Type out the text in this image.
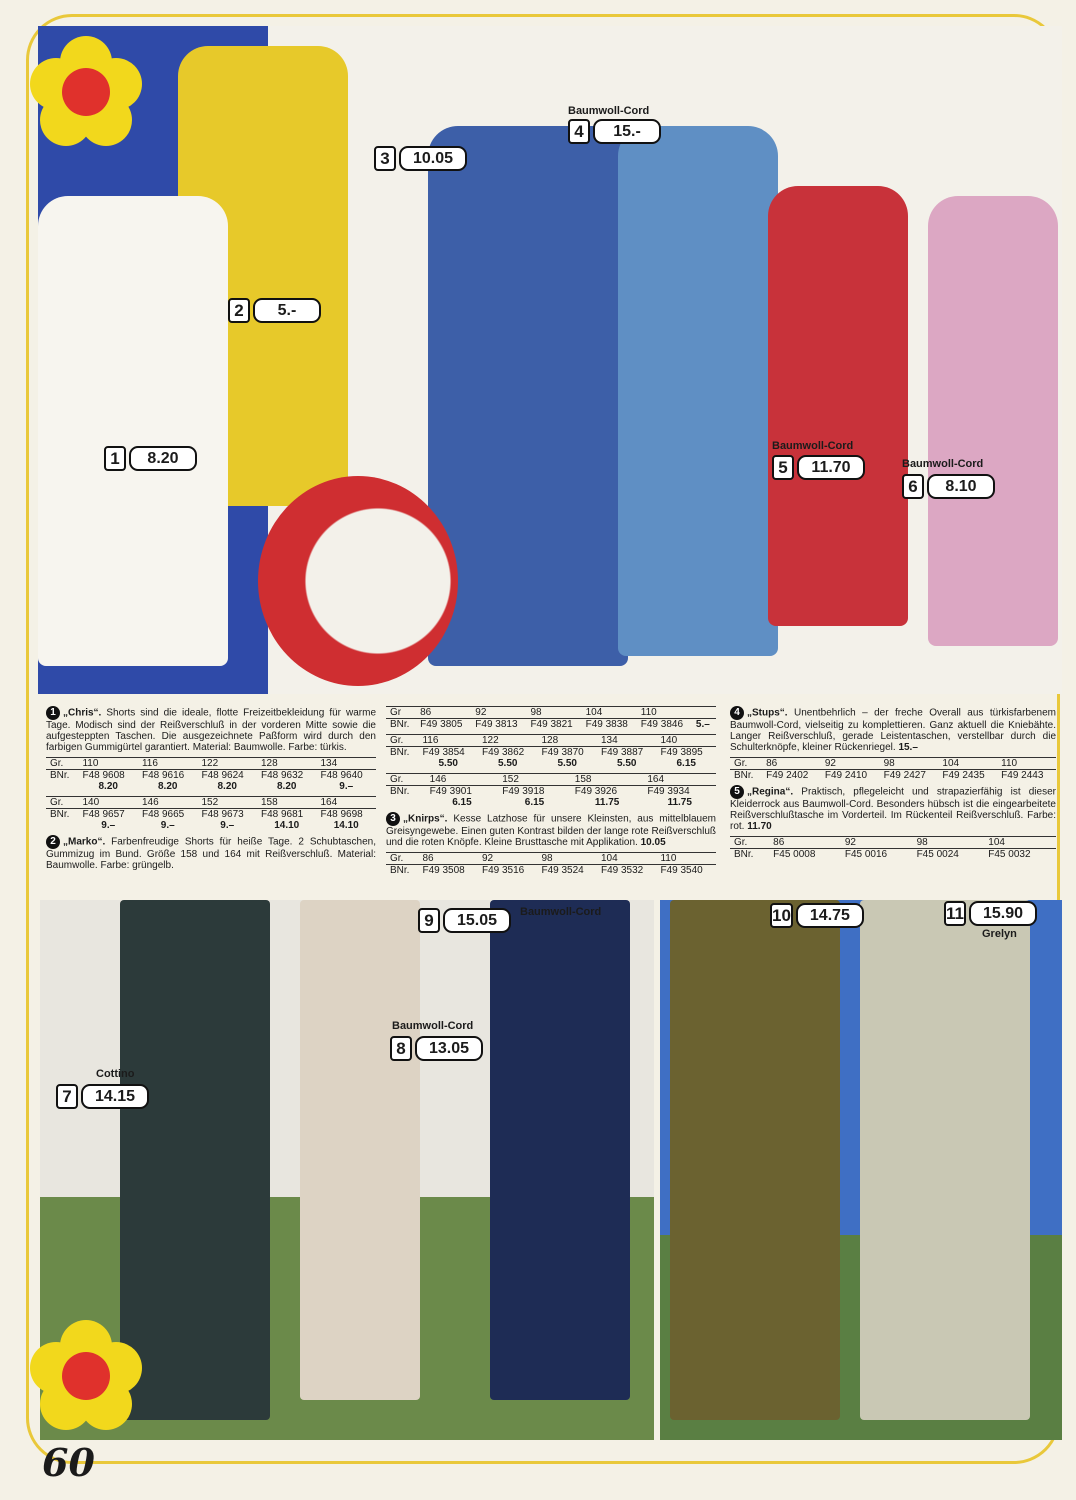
1	8.20
2	5.-
3	10.05
Baumwoll-Cord
4	15.-
Baumwoll-Cord
5	11.70	Baumwoll-Cord
6	8.10

1 „Chris“. Shorts sind die ideale, flotte Freizeitbekleidung für warme Tage. Modisch sind der Reißverschluß in der vorderen Mitte sowie die aufgesteppten Taschen. Die ausgezeichnete Paßform wird durch den farbigen Gummigürtel garantiert. Material: Baumwolle. Farbe: türkis.

Gr.	110	116	122	128	134
BNr.	F48 9608	F48 9616	F48 9624	F48 9632	F48 9640
	8.20	8.20	8.20	8.20	9.–
Gr.	140	146	152	158	164
BNr.	F48 9657	F48 9665	F48 9673	F48 9681	F48 9698
	9.–	9.–	9.–	14.10	14.10

2 „Marko“. Farbenfreudige Shorts für heiße Tage. 2 Schubtaschen, Gummizug im Bund. Größe 158 und 164 mit Reißverschluß. Material: Baumwolle. Farbe: grüngelb.

Gr	86	92	98	104	110	
BNr.	F49 3805	F49 3813	F49 3821	F49 3838	F49 3846	5.–
Gr.	116	122	128	134	140
BNr.	F49 3854	F49 3862	F49 3870	F49 3887	F49 3895
	5.50	5.50	5.50	5.50	6.15
Gr.	146	152	158	164
BNr.	F49 3901	F49 3918	F49 3926	F49 3934
	6.15	6.15	11.75	11.75

3 „Knirps“. Kesse Latzhose für unsere Kleinsten, aus mittelblauem Greisyngewebe. Einen guten Kontrast bilden der lange rote Reißverschluß und die roten Knöpfe. Kleine Brusttasche mit Applikation. 10.05

Gr.	86	92	98	104	110
BNr.	F49 3508	F49 3516	F49 3524	F49 3532	F49 3540

4 „Stups“. Unentbehrlich – der freche Overall aus türkisfarbenem Baumwoll-Cord, vielseitig zu komplettieren. Ganz aktuell die Kniebähte. Langer Reißverschluß, gerade Leistentaschen, verstellbar durch die Schulterknöpfe, kleiner Rückenriegel. 15.–

Gr.	86	92	98	104	110
BNr.	F49 2402	F49 2410	F49 2427	F49 2435	F49 2443

5 „Regina“. Praktisch, pflegeleicht und strapazierfähig ist dieser Kleiderrock aus Baumwoll-Cord. Besonders hübsch ist die eingearbeitete Reißverschlußtasche im Vorderteil. Im Rückenteil Reißverschluß. Farbe: rot. 11.70

Gr.	86	92	98	104
BNr.	F45 0008	F45 0016	F45 0024	F45 0032
Cottino
7	14.15
Baumwoll-Cord
8	13.05
9	15.05	Baumwoll-Cord	10	14.75	11	15.90
Grelyn
60
